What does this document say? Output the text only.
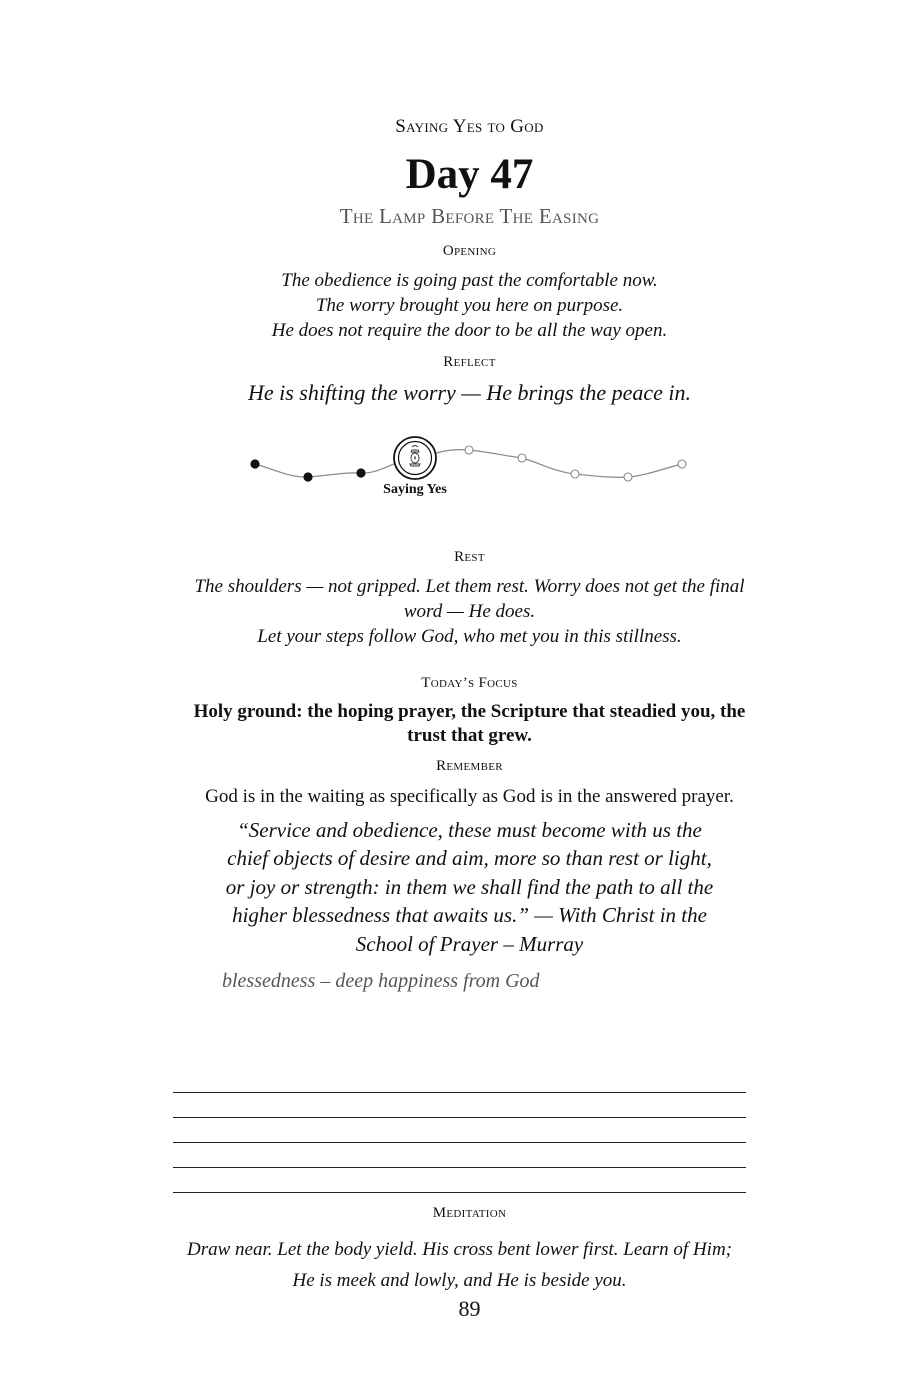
Saying Yes to God
Day 47
The Lamp Before The Easing
Opening
The obedience is going past the comfortable now.
The worry brought you here on purpose.
He does not require the door to be all the way open.
Reflect
He is shifting the worry — He brings the peace in.
Saying Yes
Rest
The shoulders — not gripped. Let them rest. Worry does not get the final word — He does.
Let your steps follow God, who met you in this stillness.
Today’s Focus
Holy ground: the hoping prayer, the Scripture that steadied you, the trust that grew.
Remember
God is in the waiting as specifically as God is in the answered prayer.
“Service and obedience, these must become with us the chief objects of desire and aim, more so than rest or light, or joy or strength: in them we shall find the path to all the higher blessedness that awaits us.” — With Christ in the School of Prayer – Murray
blessedness – deep happiness from God
Meditation
Draw near. Let the body yield. His cross bent lower first. Learn of Him; He is meek and lowly, and He is beside you.
89
